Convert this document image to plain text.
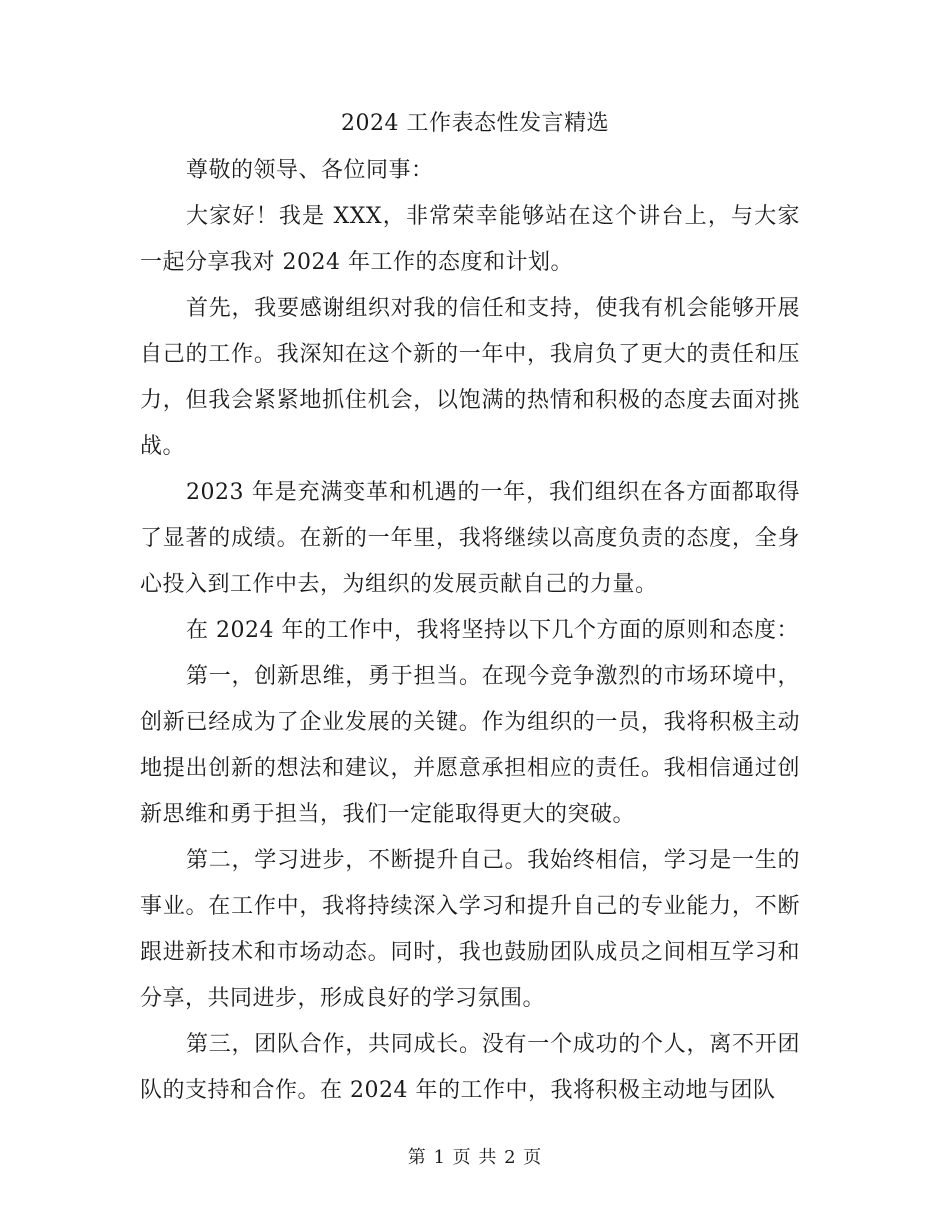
2024 工作表态性发言精选

尊敬的领导、各位同事：

大家好！我是 XXX，非常荣幸能够站在这个讲台上，与大家一起分享我对 2024 年工作的态度和计划。

首先，我要感谢组织对我的信任和支持，使我有机会能够开展自己的工作。我深知在这个新的一年中，我肩负了更大的责任和压力，但我会紧紧地抓住机会，以饱满的热情和积极的态度去面对挑战。

2023 年是充满变革和机遇的一年，我们组织在各方面都取得了显著的成绩。在新的一年里，我将继续以高度负责的态度，全身心投入到工作中去，为组织的发展贡献自己的力量。

在 2024 年的工作中，我将坚持以下几个方面的原则和态度：

第一，创新思维，勇于担当。在现今竞争激烈的市场环境中，创新已经成为了企业发展的关键。作为组织的一员，我将积极主动地提出创新的想法和建议，并愿意承担相应的责任。我相信通过创新思维和勇于担当，我们一定能取得更大的突破。

第二，学习进步，不断提升自己。我始终相信，学习是一生的事业。在工作中，我将持续深入学习和提升自己的专业能力，不断跟进新技术和市场动态。同时，我也鼓励团队成员之间相互学习和分享，共同进步，形成良好的学习氛围。

第三，团队合作，共同成长。没有一个成功的个人，离不开团队的支持和合作。在 2024 年的工作中，我将积极主动地与团队

第 1 页 共 2 页
